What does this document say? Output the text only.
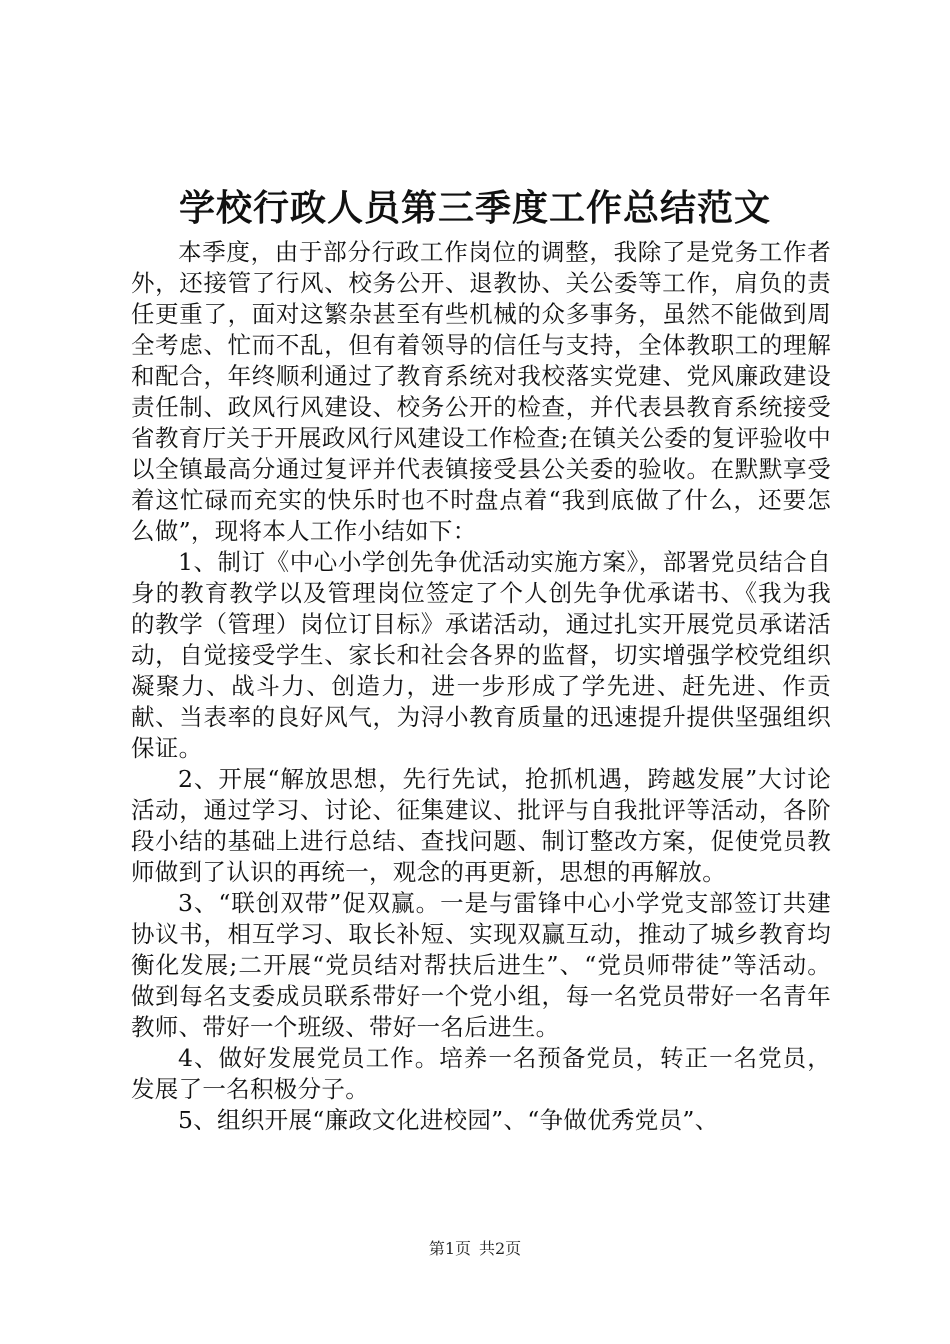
学校行政人员第三季度工作总结范文

本季度，由于部分行政工作岗位的调整，我除了是党务工作者外，还接管了行风、校务公开、退教协、关公委等工作，肩负的责任更重了，面对这繁杂甚至有些机械的众多事务，虽然不能做到周全考虑、忙而不乱，但有着领导的信任与支持，全体教职工的理解和配合，年终顺利通过了教育系统对我校落实党建、党风廉政建设责任制、政风行风建设、校务公开的检查，并代表县教育系统接受省教育厅关于开展政风行风建设工作检查;在镇关公委的复评验收中以全镇最高分通过复评并代表镇接受县公关委的验收。在默默享受着这忙碌而充实的快乐时也不时盘点着“我到底做了什么，还要怎么做”，现将本人工作小结如下：

1、制订《中心小学创先争优活动实施方案》，部署党员结合自身的教育教学以及管理岗位签定了个人创先争优承诺书、《我为我的教学（管理）岗位订目标》承诺活动，通过扎实开展党员承诺活动，自觉接受学生、家长和社会各界的监督，切实增强学校党组织凝聚力、战斗力、创造力，进一步形成了学先进、赶先进、作贡献、当表率的良好风气，为浔小教育质量的迅速提升提供坚强组织保证。

2、开展“解放思想，先行先试，抢抓机遇，跨越发展”大讨论活动，通过学习、讨论、征集建议、批评与自我批评等活动，各阶段小结的基础上进行总结、查找问题、制订整改方案，促使党员教师做到了认识的再统一，观念的再更新，思想的再解放。

3、“联创双带”促双赢。一是与雷锋中心小学党支部签订共建协议书，相互学习、取长补短、实现双赢互动，推动了城乡教育均衡化发展;二开展“党员结对帮扶后进生”、“党员师带徒”等活动。做到每名支委成员联系带好一个党小组，每一名党员带好一名青年教师、带好一个班级、带好一名后进生。

4、做好发展党员工作。培养一名预备党员，转正一名党员，发展了一名积极分子。

5、组织开展“廉政文化进校园”、“争做优秀党员”、

第1页 共2页
